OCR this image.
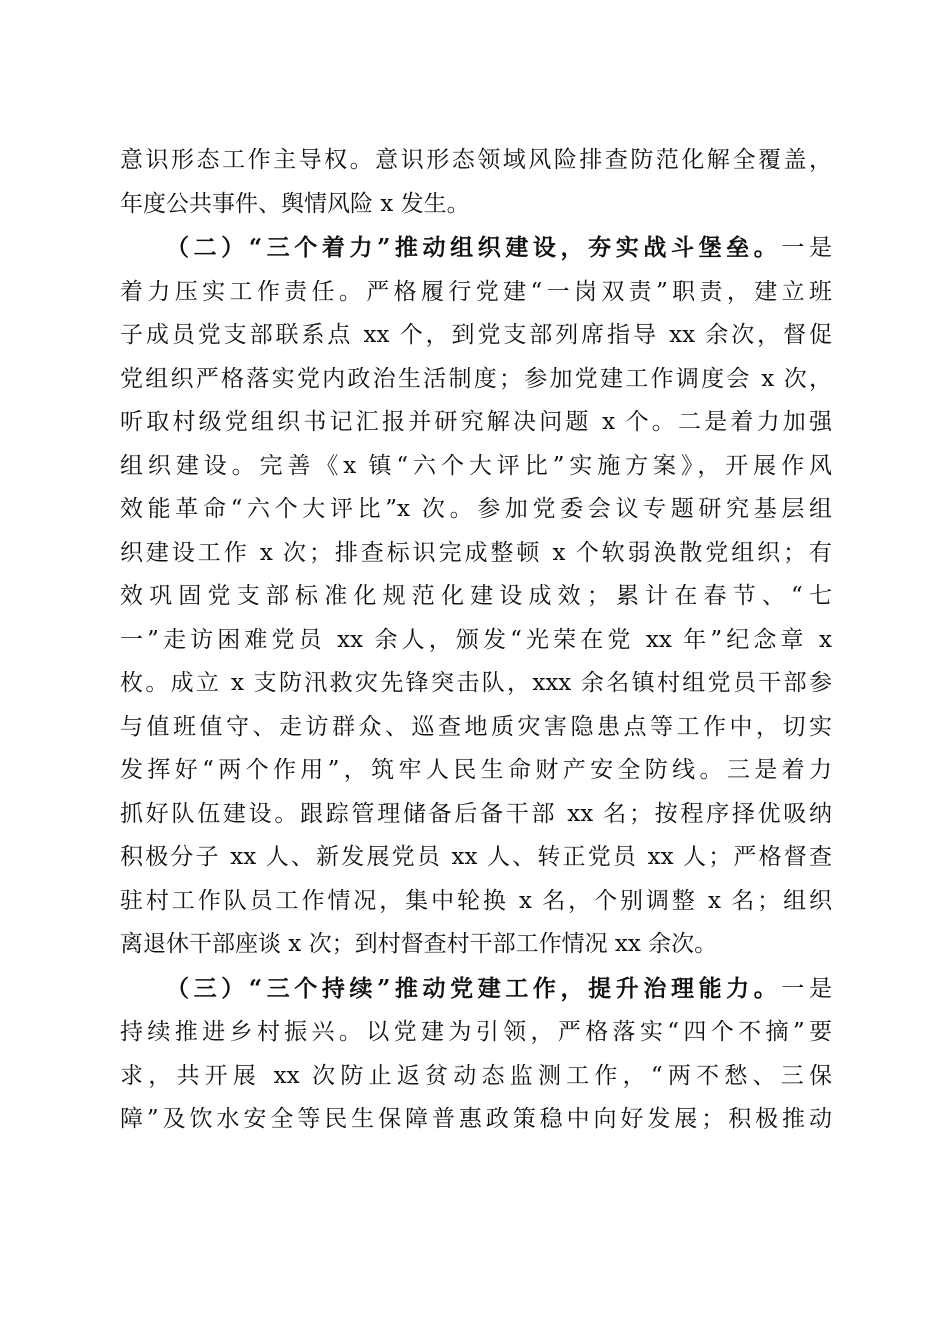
意识形态工作主导权。意识形态领域风险排查防范化解全覆盖，
年度公共事件、舆情风险 x 发生。
（二）“三个着力”推动组织建设，夯实战斗堡垒。一是
着力压实工作责任。严格履行党建“一岗双责”职责，建立班
子成员党支部联系点 xx 个，到党支部列席指导 xx 余次，督促
党组织严格落实党内政治生活制度；参加党建工作调度会 x 次，
听取村级党组织书记汇报并研究解决问题 x 个。二是着力加强
组织建设。完善《x 镇“六个大评比”实施方案》，开展作风
效能革命“六个大评比”x 次。参加党委会议专题研究基层组
织建设工作 x 次；排查标识完成整顿 x 个软弱涣散党组织；有
效巩固党支部标准化规范化建设成效；累计在春节、“七
一”走访困难党员 xx 余人，颁发“光荣在党 xx 年”纪念章 x
枚。成立 x 支防汛救灾先锋突击队，xxx 余名镇村组党员干部参
与值班值守、走访群众、巡查地质灾害隐患点等工作中，切实
发挥好“两个作用”，筑牢人民生命财产安全防线。三是着力
抓好队伍建设。跟踪管理储备后备干部 xx 名；按程序择优吸纳
积极分子 xx 人、新发展党员 xx 人、转正党员 xx 人；严格督查
驻村工作队员工作情况，集中轮换 x 名，个别调整 x 名；组织
离退休干部座谈 x 次；到村督查村干部工作情况 xx 余次。
（三）“三个持续”推动党建工作，提升治理能力。一是
持续推进乡村振兴。以党建为引领，严格落实“四个不摘”要
求，共开展 xx 次防止返贫动态监测工作，“两不愁、三保
障”及饮水安全等民生保障普惠政策稳中向好发展；积极推动
